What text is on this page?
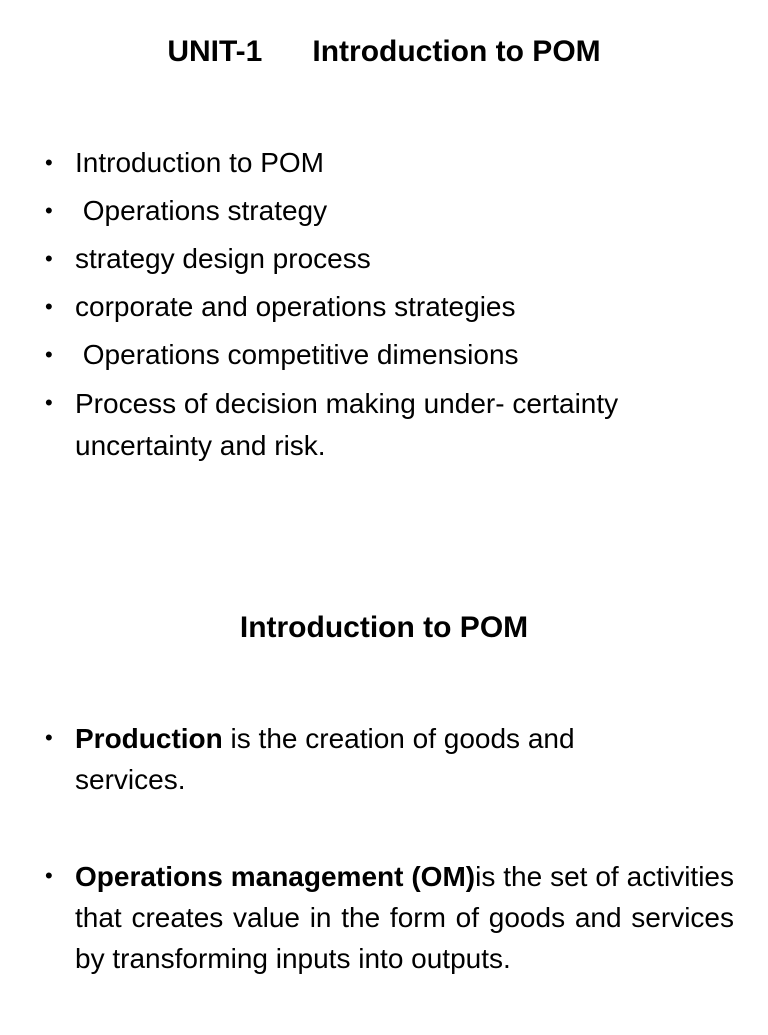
UNIT-1      Introduction to POM
• Introduction to POM
• Operations strategy
• strategy design process
• corporate and operations strategies
• Operations competitive dimensions
• Process of decision making under- certainty uncertainty and risk.
Introduction to POM
• Production is the creation of goods and services.
• Operations management (OM)is the set of activities that creates value in the form of goods and services by transforming inputs into outputs.
